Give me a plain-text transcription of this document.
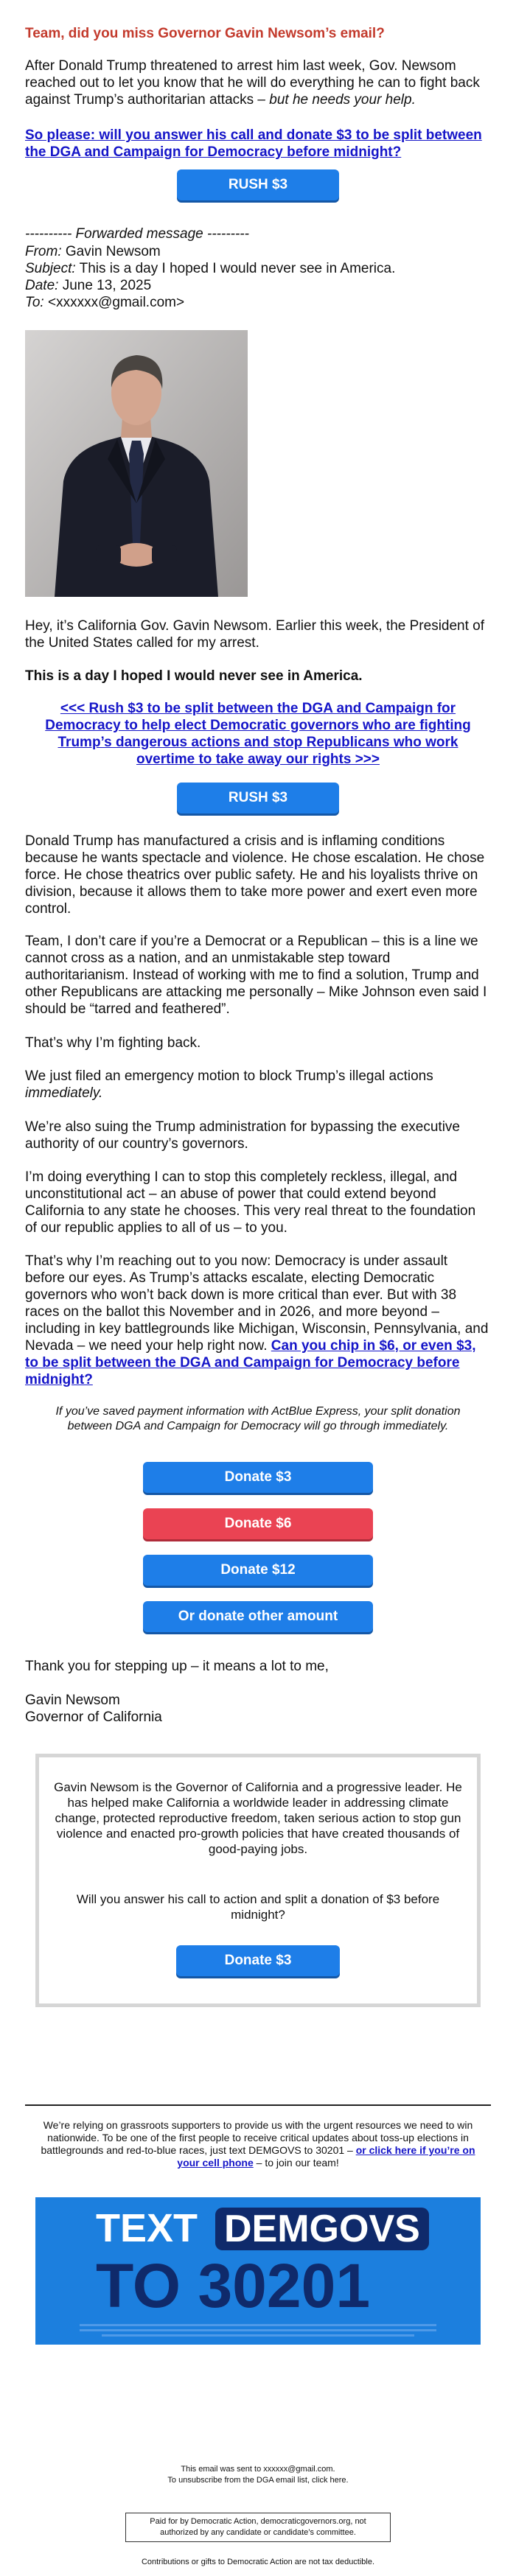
Team, did you miss Governor Gavin Newsom’s email?
After Donald Trump threatened to arrest him last week, Gov. Newsom reached out to let you know that he will do everything he can to fight back against Trump’s authoritarian attacks – but he needs your help.
So please: will you answer his call and donate $3 to be split between the DGA and Campaign for Democracy before midnight?
RUSH $3
---------- Forwarded message ---------
From: Gavin Newsom
Subject: This is a day I hoped I would never see in America.
Date: June 13, 2025
To: <xxxxxx@gmail.com>
Hey, it’s California Gov. Gavin Newsom. Earlier this week, the President of the United States called for my arrest.
This is a day I hoped I would never see in America.
<<< Rush $3 to be split between the DGA and Campaign for Democracy to help elect Democratic governors who are fighting Trump’s dangerous actions and stop Republicans who work overtime to take away our rights >>>
RUSH $3
Donald Trump has manufactured a crisis and is inflaming conditions because he wants spectacle and violence. He chose escalation. He chose force. He chose theatrics over public safety. He and his loyalists thrive on division, because it allows them to take more power and exert even more control.
Team, I don’t care if you’re a Democrat or a Republican – this is a line we cannot cross as a nation, and an unmistakable step toward authoritarianism. Instead of working with me to find a solution, Trump and other Republicans are attacking me personally – Mike Johnson even said I should be “tarred and feathered”.
That’s why I’m fighting back.
We just filed an emergency motion to block Trump’s illegal actions immediately.
We’re also suing the Trump administration for bypassing the executive authority of our country’s governors.
I’m doing everything I can to stop this completely reckless, illegal, and unconstitutional act – an abuse of power that could extend beyond California to any state he chooses. This very real threat to the foundation of our republic applies to all of us – to you.
That’s why I’m reaching out to you now: Democracy is under assault before our eyes. As Trump’s attacks escalate, electing Democratic governors who won’t back down is more critical than ever. But with 38 races on the ballot this November and in 2026, and more beyond – including in key battlegrounds like Michigan, Wisconsin, Pennsylvania, and Nevada – we need your help right now. Can you chip in $6, or even $3, to be split between the DGA and Campaign for Democracy before midnight?
If you’ve saved payment information with ActBlue Express, your split donation between DGA and Campaign for Democracy will go through immediately.
Donate $3
Donate $6
Donate $12
Or donate other amount
Thank you for stepping up – it means a lot to me,
Gavin Newsom
Governor of California
Gavin Newsom is the Governor of California and a progressive leader. He has helped make California a worldwide leader in addressing climate change, protected reproductive freedom, taken serious action to stop gun violence and enacted pro-growth policies that have created thousands of good-paying jobs.
Will you answer his call to action and split a donation of $3 before midnight?
Donate $3
We’re relying on grassroots supporters to provide us with the urgent resources we need to win nationwide. To be one of the first people to receive critical updates about toss-up elections in battlegrounds and red-to-blue races, just text DEMGOVS to 30201 – or click here if you’re on your cell phone – to join our team!
TEXT DEMGOVS
TO 30201
This email was sent to xxxxxx@gmail.com.
To unsubscribe from the DGA email list, click here.
Paid for by Democratic Action, democraticgovernors.org, not authorized by any candidate or candidate’s committee.
Contributions or gifts to Democratic Action are not tax deductible.
